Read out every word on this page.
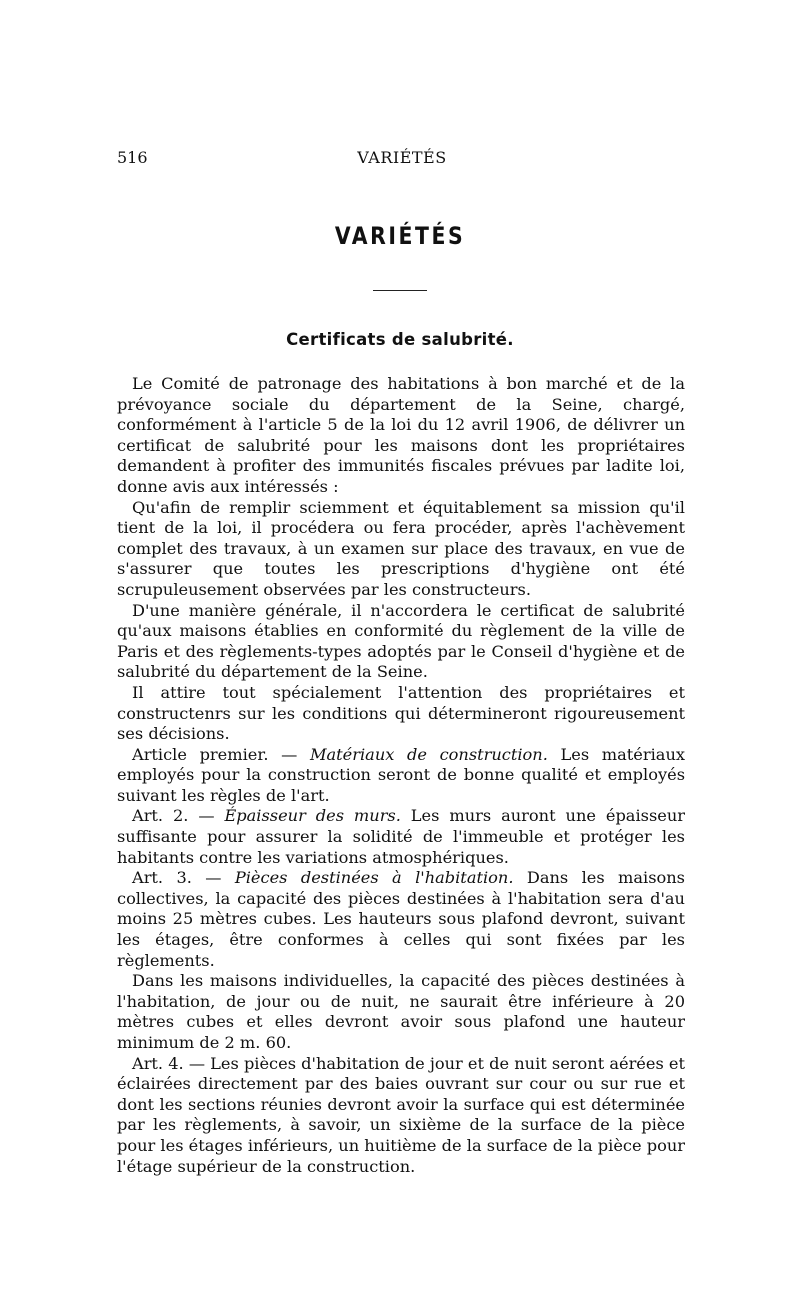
516	VARIÉTÉS
VARIÉTÉS
Certificats de salubrité.

Le Comité de patronage des habitations à bon marché et de la prévoyance sociale du département de la Seine, chargé, conformément à l'article 5 de la loi du 12 avril 1906, de délivrer un certificat de salubrité pour les maisons dont les propriétaires demandent à profiter des immunités fiscales prévues par ladite loi, donne avis aux intéressés :

Qu'afin de remplir sciemment et équitablement sa mission qu'il tient de la loi, il procédera ou fera procéder, après l'achèvement complet des travaux, à un examen sur place des travaux, en vue de s'assurer que toutes les prescriptions d'hygiène ont été scrupuleusement observées par les constructeurs.

D'une manière générale, il n'accordera le certificat de salubrité qu'aux maisons établies en conformité du règlement de la ville de Paris et des règlements-types adoptés par le Conseil d'hygiène et de salubrité du département de la Seine.

Il attire tout spécialement l'attention des propriétaires et constructenrs sur les conditions qui détermineront rigoureusement ses décisions.

Article premier. — Matériaux de construction. Les matériaux employés pour la construction seront de bonne qualité et employés suivant les règles de l'art.

Art. 2. — Épaisseur des murs. Les murs auront une épaisseur suffisante pour assurer la solidité de l'immeuble et protéger les habitants contre les variations atmosphériques.

Art. 3. — Pièces destinées à l'habitation. Dans les maisons collectives, la capacité des pièces destinées à l'habitation sera d'au moins 25 mètres cubes. Les hauteurs sous plafond devront, suivant les étages, être conformes à celles qui sont fixées par les règlements.

Dans les maisons individuelles, la capacité des pièces destinées à l'habitation, de jour ou de nuit, ne saurait être inférieure à 20 mètres cubes et elles devront avoir sous plafond une hauteur minimum de 2 m. 60.

Art. 4. — Les pièces d'habitation de jour et de nuit seront aérées et éclairées directement par des baies ouvrant sur cour ou sur rue et dont les sections réunies devront avoir la surface qui est déterminée par les règlements, à savoir, un sixième de la surface de la pièce pour les étages inférieurs, un huitième de la surface de la pièce pour l'étage supérieur de la construction.
